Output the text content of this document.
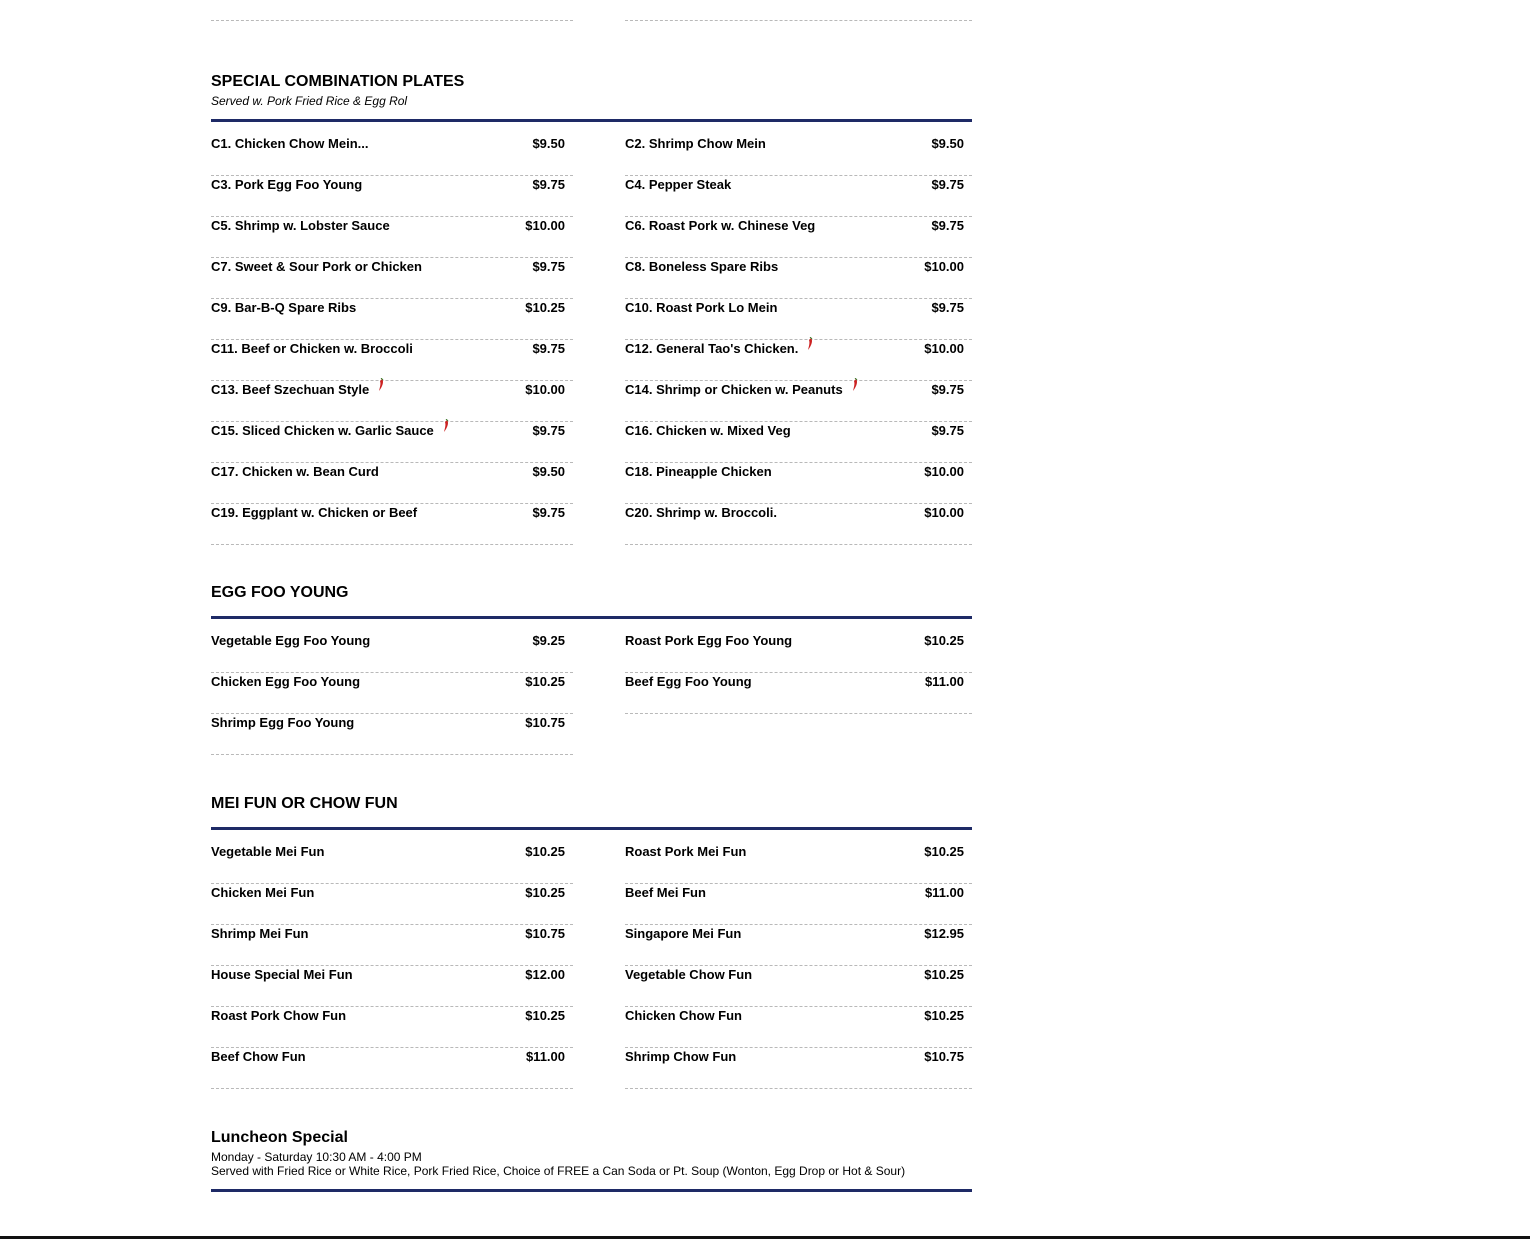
SPECIAL COMBINATION PLATES
Served w. Pork Fried Rice & Egg Rol
C1. Chicken Chow Mein...	$9.50	C2. Shrimp Chow Mein	$9.50
C3. Pork Egg Foo Young	$9.75	C4. Pepper Steak	$9.75
C5. Shrimp w. Lobster Sauce	$10.00	C6. Roast Pork w. Chinese Veg	$9.75
C7. Sweet & Sour Pork or Chicken	$9.75	C8. Boneless Spare Ribs	$10.00
C9. Bar-B-Q Spare Ribs	$10.25	C10. Roast Pork Lo Mein	$9.75
C11. Beef or Chicken w. Broccoli	$9.75	C12. General Tao's Chicken.	$10.00
C13. Beef Szechuan Style	$10.00	C14. Shrimp or Chicken w. Peanuts	$9.75
C15. Sliced Chicken w. Garlic Sauce	$9.75	C16. Chicken w. Mixed Veg	$9.75
C17. Chicken w. Bean Curd	$9.50	C18. Pineapple Chicken	$10.00
C19. Eggplant w. Chicken or Beef	$9.75	C20. Shrimp w. Broccoli.	$10.00
EGG FOO YOUNG
Vegetable Egg Foo Young	$9.25	Roast Pork Egg Foo Young	$10.25
Chicken Egg Foo Young	$10.25	Beef Egg Foo Young	$11.00
Shrimp Egg Foo Young	$10.75
MEI FUN OR CHOW FUN
Vegetable Mei Fun	$10.25	Roast Pork Mei Fun	$10.25
Chicken Mei Fun	$10.25	Beef Mei Fun	$11.00
Shrimp Mei Fun	$10.75	Singapore Mei Fun	$12.95
House Special Mei Fun	$12.00	Vegetable Chow Fun	$10.25
Roast Pork Chow Fun	$10.25	Chicken Chow Fun	$10.25
Beef Chow Fun	$11.00	Shrimp Chow Fun	$10.75
Luncheon Special
Monday - Saturday 10:30 AM - 4:00 PM
Served with Fried Rice or White Rice, Pork Fried Rice, Choice of FREE a Can Soda or Pt. Soup (Wonton, Egg Drop or Hot & Sour)
